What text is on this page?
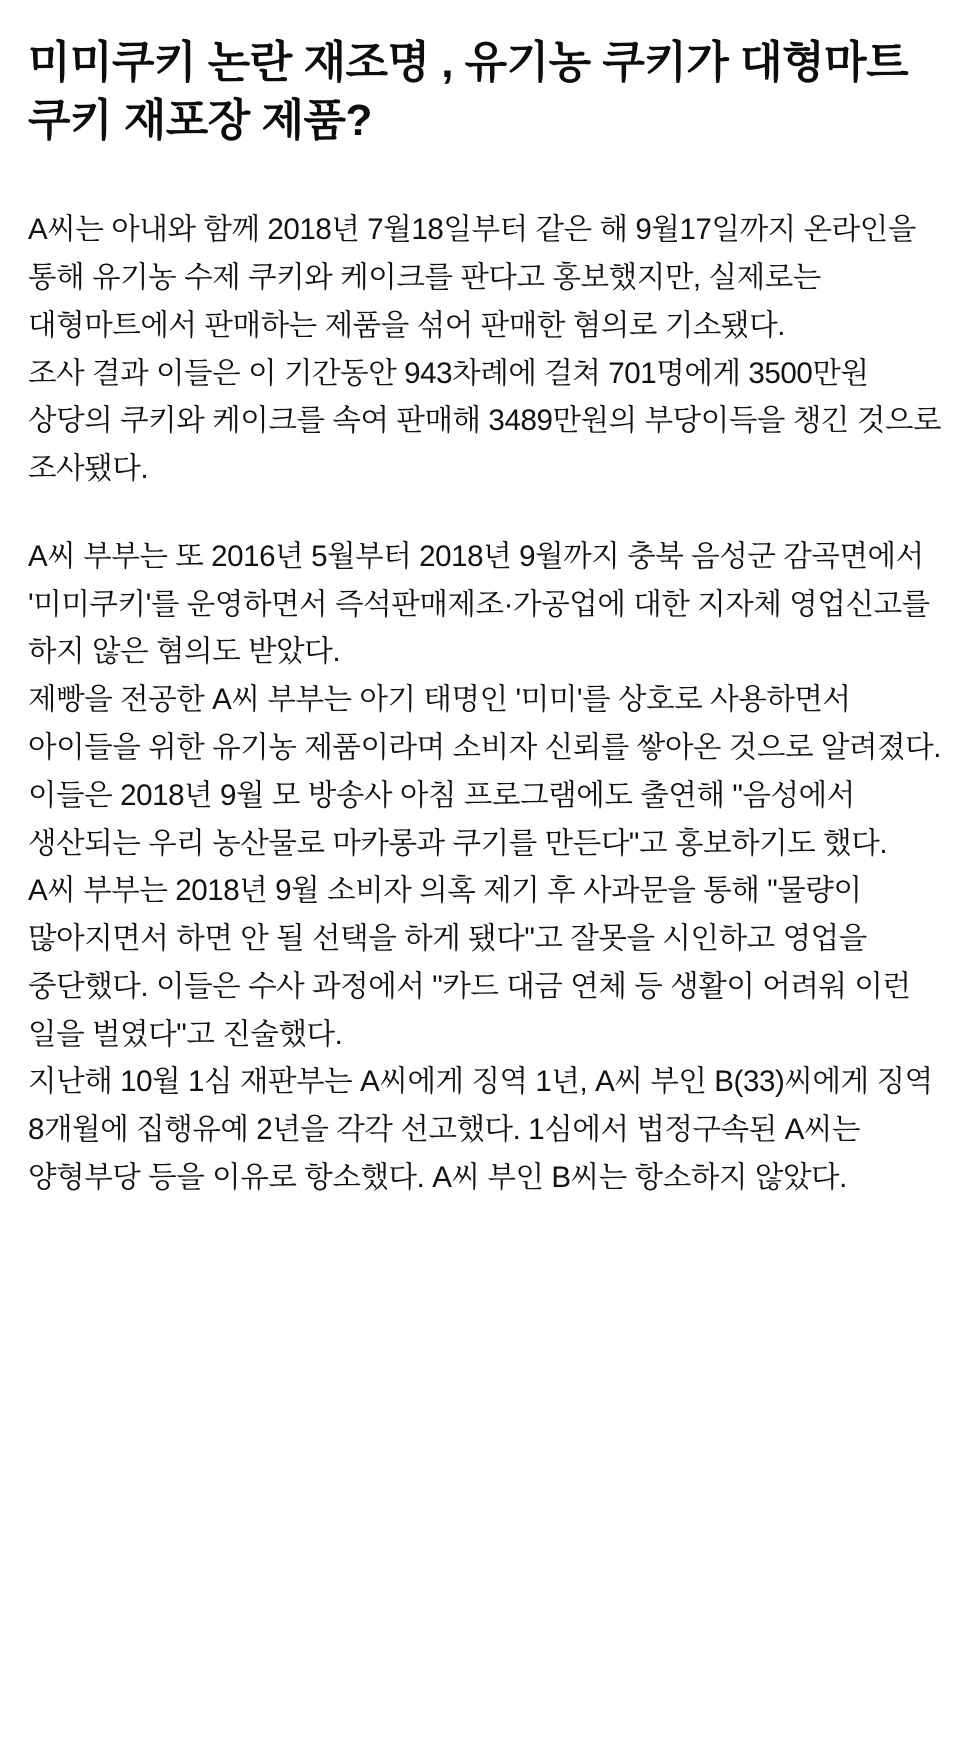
미미쿠키 논란 재조명 , 유기농 쿠키가 대형마트 쿠키 재포장 제품?

A씨는 아내와 함께 2018년 7월18일부터 같은 해 9월17일까지 온라인을 통해 유기농 수제 쿠키와 케이크를 판다고 홍보했지만, 실제로는 대형마트에서 판매하는 제품을 섞어 판매한 혐의로 기소됐다.

조사 결과 이들은 이 기간동안 943차례에 걸쳐 701명에게 3500만원 상당의 쿠키와 케이크를 속여 판매해 3489만원의 부당이득을 챙긴 것으로 조사됐다.

A씨 부부는 또 2016년 5월부터 2018년 9월까지 충북 음성군 감곡면에서 '미미쿠키'를 운영하면서 즉석판매제조·가공업에 대한 지자체 영업신고를 하지 않은 혐의도 받았다.

제빵을 전공한 A씨 부부는 아기 태명인 '미미'를 상호로 사용하면서 아이들을 위한 유기농 제품이라며 소비자 신뢰를 쌓아온 것으로 알려졌다. 이들은 2018년 9월 모 방송사 아침 프로그램에도 출연해 "음성에서 생산되는 우리 농산물로 마카롱과 쿠기를 만든다"고 홍보하기도 했다.

A씨 부부는 2018년 9월 소비자 의혹 제기 후 사과문을 통해 "물량이 많아지면서 하면 안 될 선택을 하게 됐다"고 잘못을 시인하고 영업을 중단했다. 이들은 수사 과정에서 "카드 대금 연체 등 생활이 어려워 이런 일을 벌였다"고 진술했다.

지난해 10월 1심 재판부는 A씨에게 징역 1년, A씨 부인 B(33)씨에게 징역 8개월에 집행유예 2년을 각각 선고했다. 1심에서 법정구속된 A씨는 양형부당 등을 이유로 항소했다. A씨 부인 B씨는 항소하지 않았다.
